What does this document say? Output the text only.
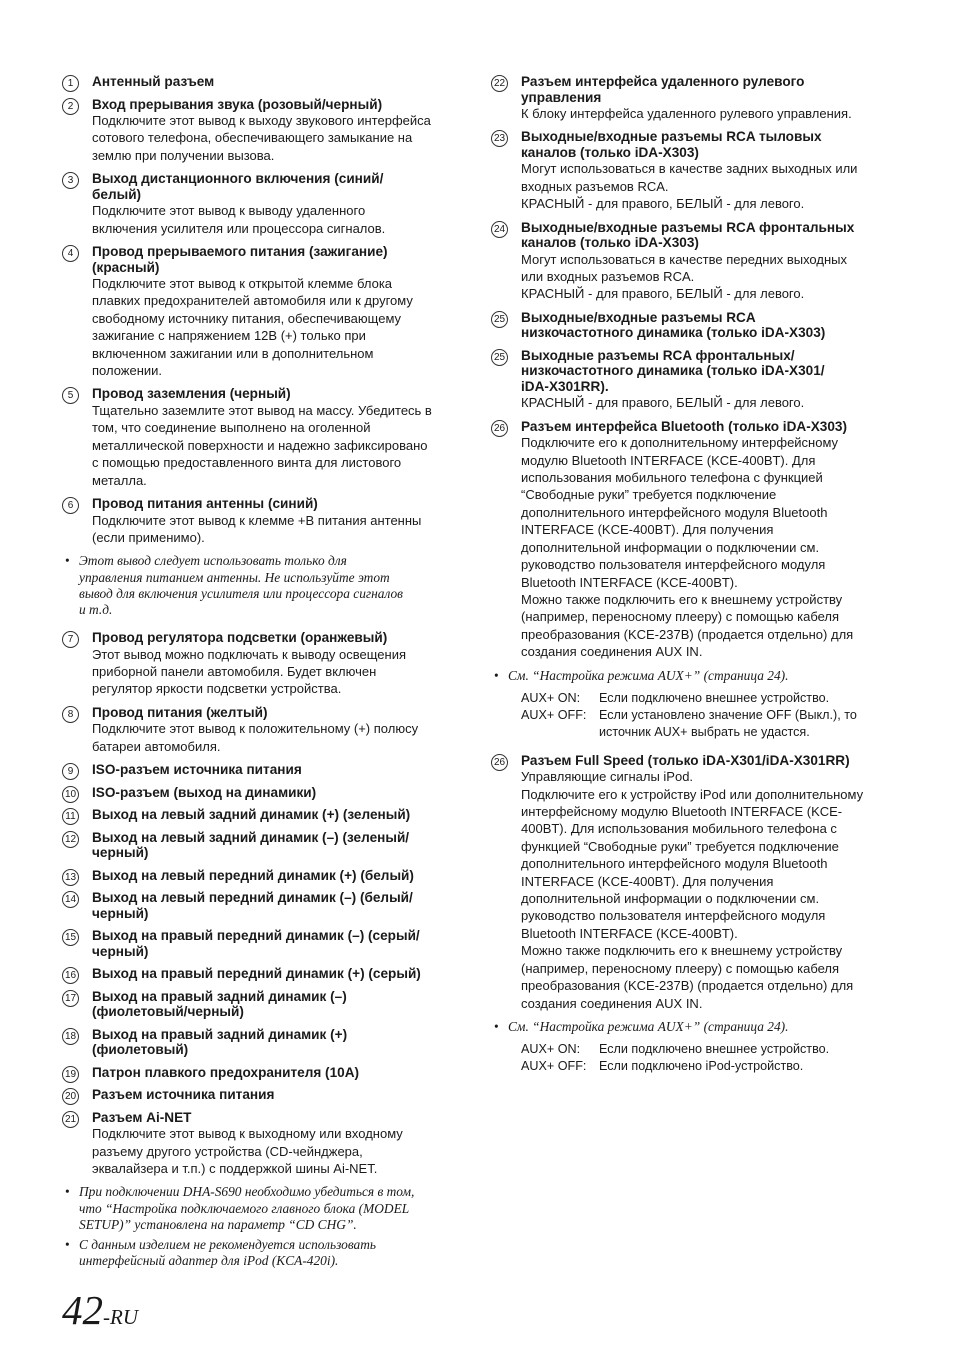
1	Антенный разъем
2	Вход прерывания звука (розовый/черный)
Подключите этот вывод к выходу звукового интерфейса
сотового телефона, обеспечивающего замыкание на
землю при получении вызова.
3	Выход дистанционного включения (синий/
белый)
Подключите этот вывод к выводу удаленного
включения усилителя или процессора сигналов.
4	Провод прерываемого питания (зажигание)
(красный)
Подключите этот вывод к открытой клемме блока
плавких предохранителей автомобиля или к другому
свободному источнику питания, обеспечивающему
зажигание с напряжением 12В (+) только при
включенном зажигании или в дополнительном
положении.
5	Провод заземления (черный)
Тщательно заземлите этот вывод на массу. Убедитесь в
том, что соединение выполнено на оголенной
металлической поверхности и надежно зафиксировано
с помощью предоставленного винта для листового
металла.
6	Провод питания антенны (синий)
Подключите этот вывод к клемме +B питания антенны
(если применимо).
• Этот вывод следует использовать только для
управления питанием антенны. Не используйте этот
вывод для включения усилителя или процессора сигналов
и т.д.
7	Провод регулятора подсветки (оранжевый)
Этот вывод можно подключать к выводу освещения
приборной панели автомобиля. Будет включен
регулятор яркости подсветки устройства.
8	Провод питания (желтый)
Подключите этот вывод к положительному (+) полюсу
батареи автомобиля.
9	ISO-разъем источника питания
10 ISO-разъем (выход на динамики)
11 Выход на левый задний динамик (+) (зеленый)
12 Выход на левый задний динамик (–) (зеленый/
черный)
13 Выход на левый передний динамик (+) (белый)
14 Выход на левый передний динамик (–) (белый/
черный)
15 Выход на правый передний динамик (–) (серый/
черный)
16 Выход на правый передний динамик (+) (серый)
17 Выход на правый задний динамик (–)
(фиолетовый/черный)
18 Выход на правый задний динамик (+)
(фиолетовый)
19 Патрон плавкого предохранителя (10A)
20 Разъем источника питания
21 Разъем Ai-NET
Подключите этот вывод к выходному или входному
разъему другого устройства (CD-чейнджера,
эквалайзера и т.п.) с поддержкой шины Ai-NET.
• При подключении DHA-S690 необходимо убедиться в том,
что “Настройка подключаемого главного блока (MODEL
SETUP)” установлена на параметр “CD CHG”.
• С данным изделием не рекомендуется использовать
интерфейсный адаптер для iPod (KCA-420i).
22 Разъем интерфейса удаленного рулевого
управления
К блоку интерфейса удаленного рулевого управления.
23 Выходные/входные разъемы RCA тыловых
каналов (только iDA-X303)
Могут использоваться в качестве задних выходных или
входных разъемов RCA.
КРАСНЫЙ - для правого, БЕЛЫЙ - для левого.
24 Выходные/входные разъемы RCA фронтальных
каналов (только iDA-X303)
Могут использоваться в качестве передних выходных
или входных разъемов RCA.
КРАСНЫЙ - для правого, БЕЛЫЙ - для левого.
25 Выходные/входные разъемы RCA
низкочастотного динамика (только iDA-X303)
25 Выходные разъемы RCA фронтальных/
низкочастотного динамика (только iDA-X301/
iDA-X301RR).
КРАСНЫЙ - для правого, БЕЛЫЙ - для левого.
26 Разъем интерфейса Bluetooth (только iDA-X303)
Подключите его к дополнительному интерфейсному
модулю Bluetooth INTERFACE (KCE-400BT). Для
использования мобильного телефона с функцией
“Свободные руки” требуется подключение
дополнительного интерфейсного модуля Bluetooth
INTERFACE (KCE-400BT). Для получения
дополнительной информации о подключении см.
руководство пользователя интерфейсного модуля
Bluetooth INTERFACE (KCE-400BT).
Можно также подключить его к внешнему устройству
(например, переносному плееру) с помощью кабеля
преобразования (KCE-237B) (продается отдельно) для
создания соединения AUX IN.
• См. “Настройка режима AUX+” (страница 24).
AUX+ ON:	Если подключено внешнее устройство.
AUX+ OFF: Если установлено значение OFF (Выкл.), то
источник AUX+ выбрать не удастся.
26 Разъем Full Speed (только iDA-X301/iDA-X301RR)
Управляющие сигналы iPod.
Подключите его к устройству iPod или дополнительному
интерфейсному модулю Bluetooth INTERFACE (KCE-
400BT). Для использования мобильного телефона с
функцией “Свободные руки” требуется подключение
дополнительного интерфейсного модуля Bluetooth
INTERFACE (KCE-400BT). Для получения
дополнительной информации о подключении см.
руководство пользователя интерфейсного модуля
Bluetooth INTERFACE (KCE-400BT).
Можно также подключить его к внешнему устройству
(например, переносному плееру) с помощью кабеля
преобразования (KCE-237B) (продается отдельно) для
создания соединения AUX IN.
• См. “Настройка режима AUX+” (страница 24).
AUX+ ON:	Если подключено внешнее устройство.
AUX+ OFF: Если подключено iPod-устройство.
42-RU
